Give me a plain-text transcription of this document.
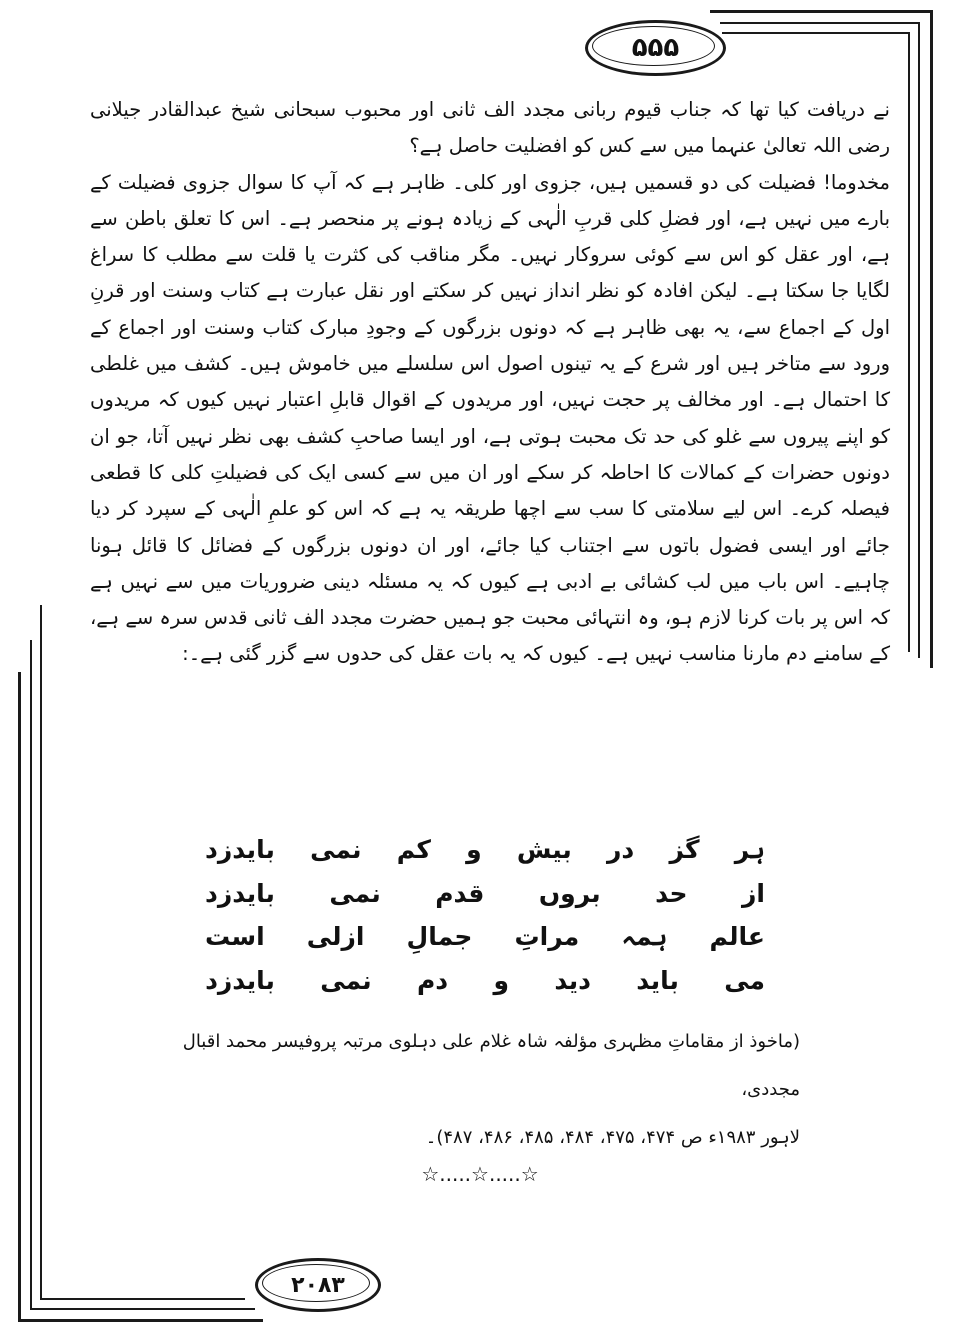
۵۵۵

نے دریافت کیا تھا کہ جناب قیوم ربانی مجدد الف ثانی اور محبوب سبحانی شیخ عبدالقادر جیلانی رضی اللہ تعالیٰ عنہما میں سے کس کو افضلیت حاصل ہے؟

مخدوما! فضیلت کی دو قسمیں ہیں، جزوی اور کلی۔ ظاہر ہے کہ آپ کا سوال جزوی فضیلت کے بارے میں نہیں ہے، اور فضلِ کلی قربِ الٰہی کے زیادہ ہونے پر منحصر ہے۔ اس کا تعلق باطن سے ہے، اور عقل کو اس سے کوئی سروکار نہیں۔ مگر مناقب کی کثرت یا قلت سے مطلب کا سراغ لگایا جا سکتا ہے۔ لیکن افادہ کو نظر انداز نہیں کر سکتے اور نقل عبارت ہے کتاب وسنت اور قرنِ اول کے اجماع سے، یہ بھی ظاہر ہے کہ دونوں بزرگوں کے وجودِ مبارک کتاب وسنت اور اجماع کے ورود سے متاخر ہیں اور شرع کے یہ تینوں اصول اس سلسلے میں خاموش ہیں۔ کشف میں غلطی کا احتمال ہے۔ اور مخالف پر حجت نہیں، اور مریدوں کے اقوال قابلِ اعتبار نہیں کیوں کہ مریدوں کو اپنے پیروں سے غلو کی حد تک محبت ہوتی ہے، اور ایسا صاحبِ کشف بھی نظر نہیں آتا، جو ان دونوں حضرات کے کمالات کا احاطہ کر سکے اور ان میں سے کسی ایک کی فضیلتِ کلی کا قطعی فیصلہ کرے۔ اس لیے سلامتی کا سب سے اچھا طریقہ یہ ہے کہ اس کو علمِ الٰہی کے سپرد کر دیا جائے اور ایسی فضول باتوں سے اجتناب کیا جائے، اور ان دونوں بزرگوں کے فضائل کا قائل ہونا چاہیے۔ اس باب میں لب کشائی بے ادبی ہے کیوں کہ یہ مسئلہ دینی ضروریات میں سے نہیں ہے کہ اس پر بات کرنا لازم ہو، وہ انتہائی محبت جو ہمیں حضرت مجدد الف ثانی قدس سرہ سے ہے، کے سامنے دم مارنا مناسب نہیں ہے۔ کیوں کہ یہ بات عقل کی حدوں سے گزر گئی ہے۔:

ہر
گز
در
بیش
و
کم
نمی
بایدزد
از
حد
بروں
قدم
نمی
بایدزد
عالم
ہمہ
مراتِ
جمالِ
ازلی
است
می
باید
دید
و
دم
نمی
بایدزد

(ماخوذ از مقاماتِ مظہری مؤلفہ شاہ غلام علی دہلوی مرتبہ پروفیسر محمد اقبال مجددی،

لاہور ۱۹۸۳ء ص ۴۷۴، ۴۷۵، ۴۸۴، ۴۸۵، ۴۸۶، ۴۸۷)۔

☆.....☆.....☆
۲۰۸۳
